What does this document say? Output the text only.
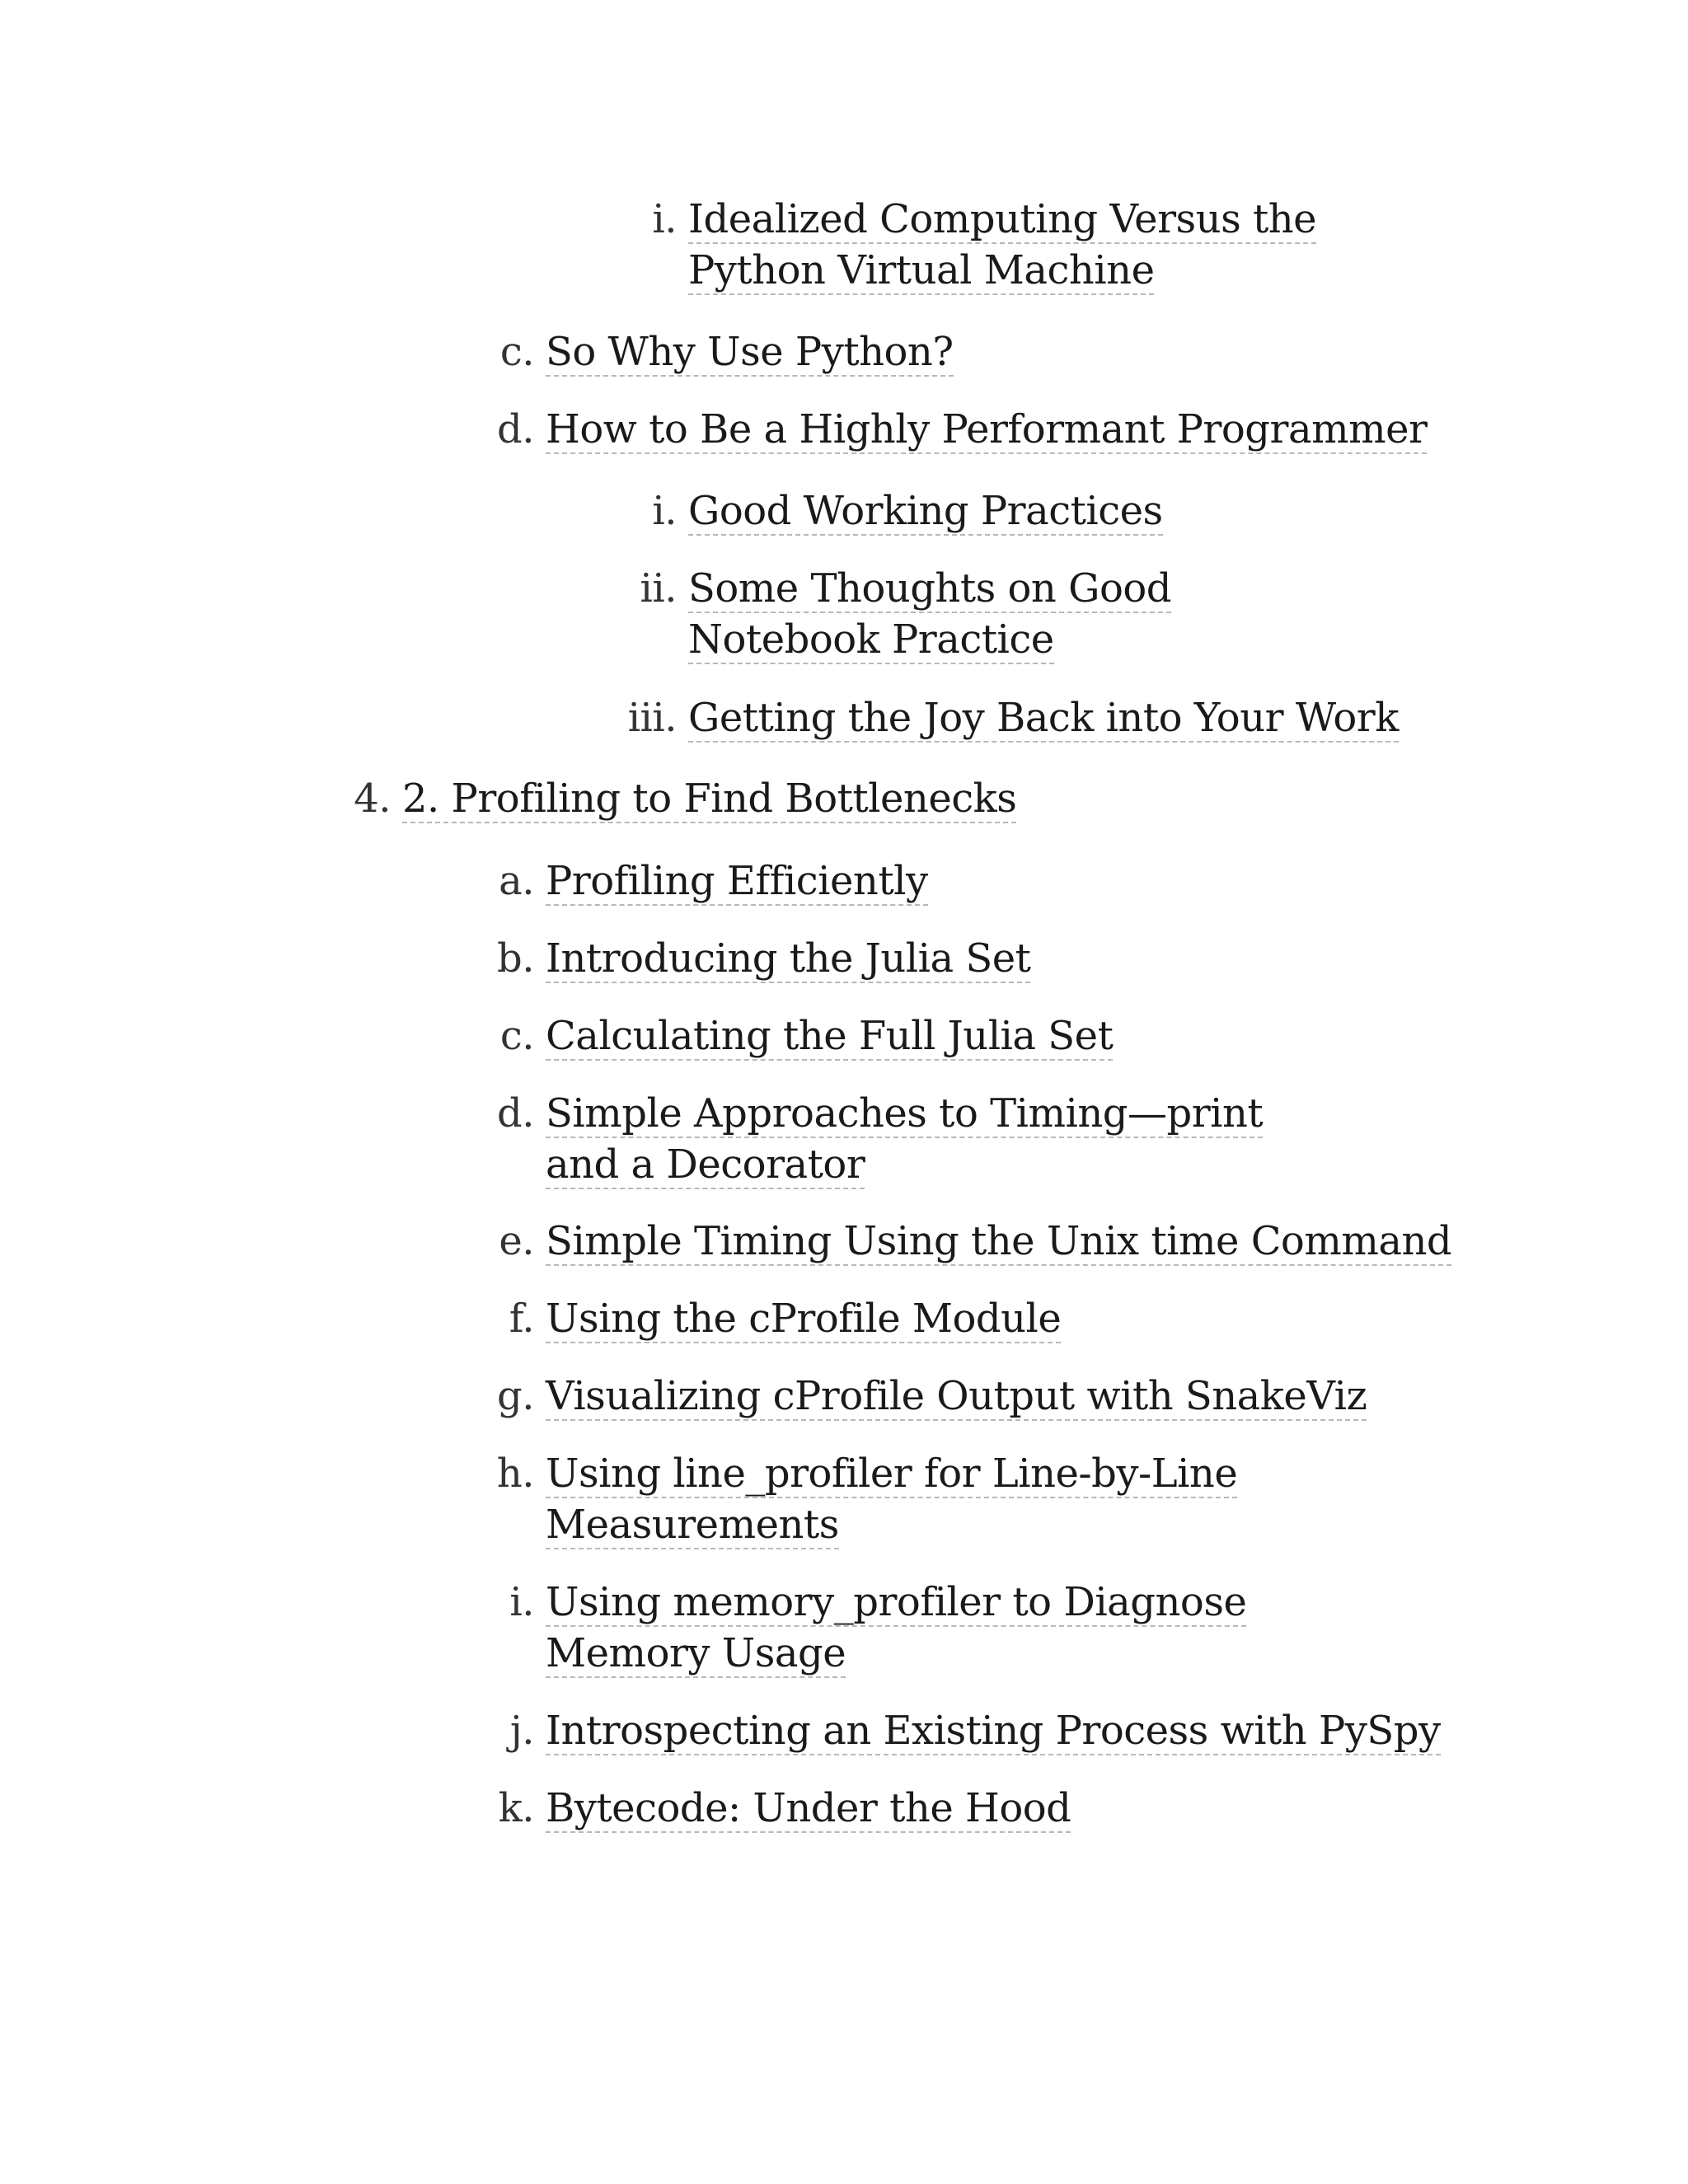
i. Idealized Computing Versus the Python Virtual Machine
c. So Why Use Python?
d. How to Be a Highly Performant Programmer
i. Good Working Practices
ii. Some Thoughts on Good Notebook Practice
iii. Getting the Joy Back into Your Work
4. 2. Profiling to Find Bottlenecks
a. Profiling Efficiently
b. Introducing the Julia Set
c. Calculating the Full Julia Set
d. Simple Approaches to Timing—print and a Decorator
e. Simple Timing Using the Unix time Command
f. Using the cProfile Module
g. Visualizing cProfile Output with SnakeViz
h. Using line_profiler for Line-by-Line Measurements
i. Using memory_profiler to Diagnose Memory Usage
j. Introspecting an Existing Process with PySpy
k. Bytecode: Under the Hood
